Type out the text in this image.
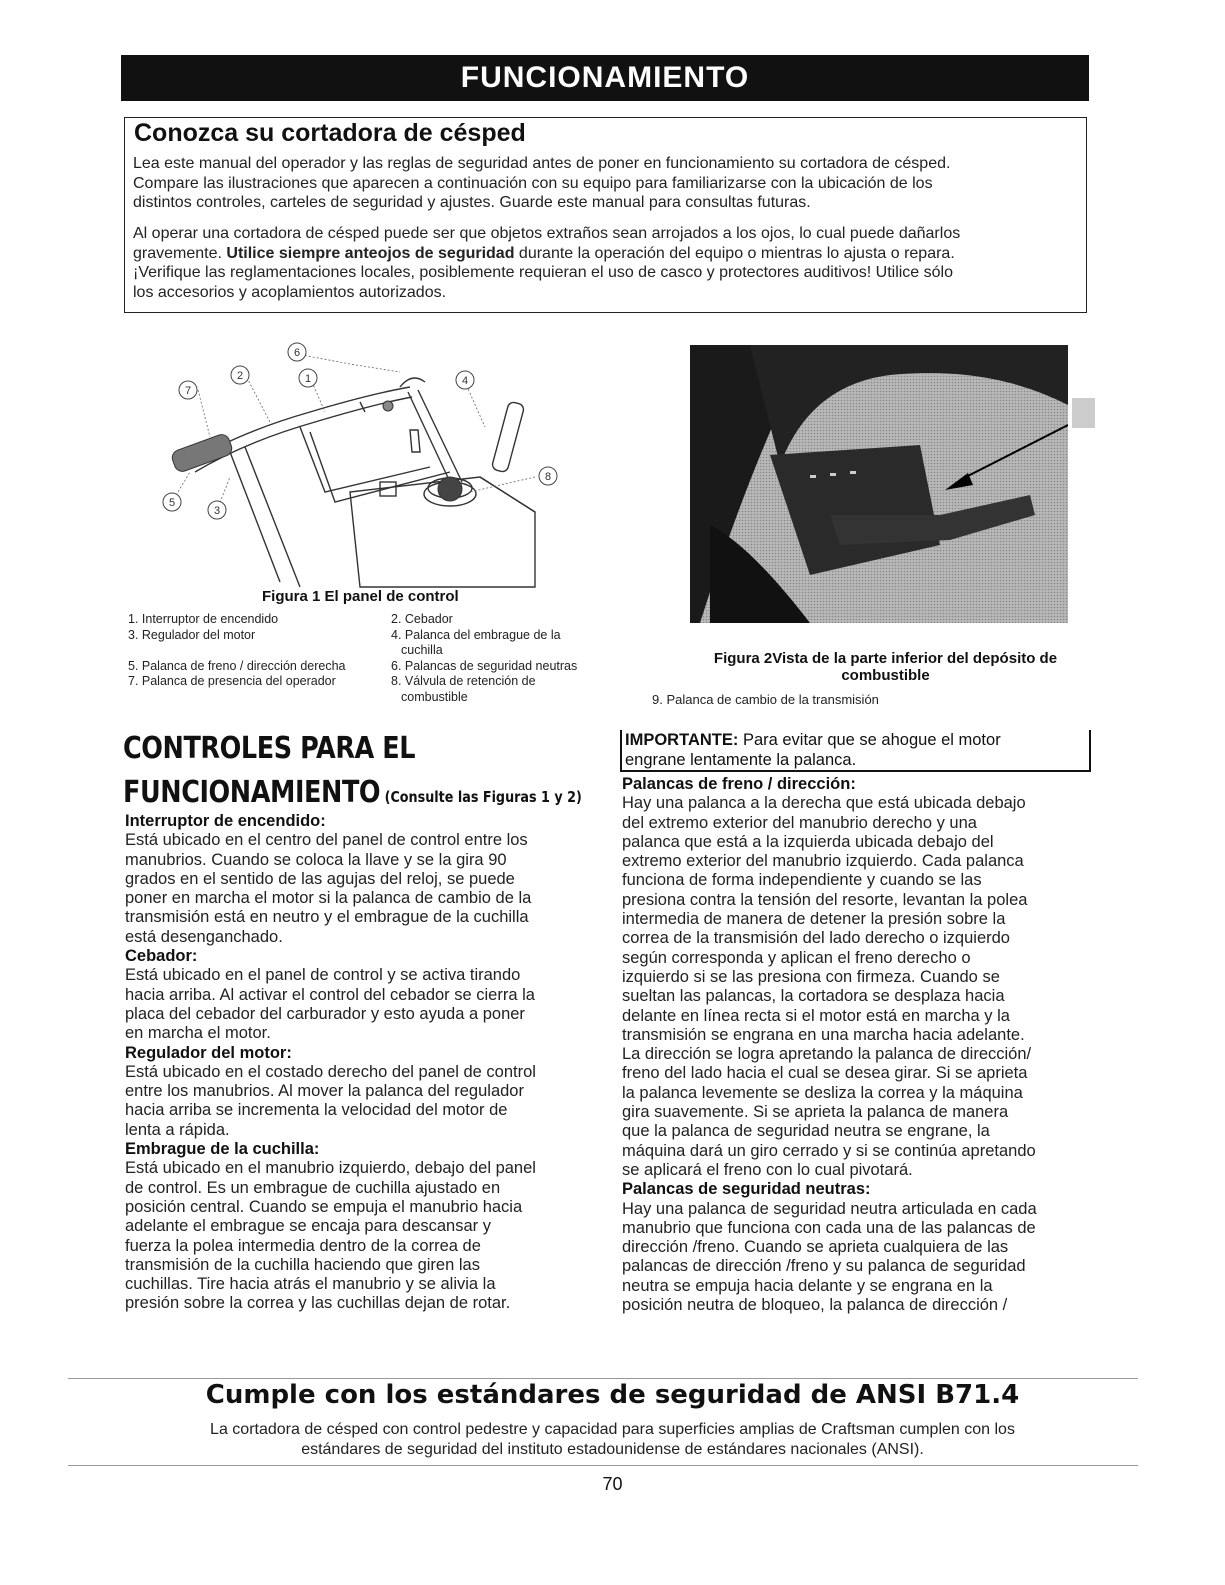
FUNCIONAMIENTO
Conozca su cortadora de césped
Lea este manual del operador y las reglas de seguridad antes de poner en funcionamiento su cortadora de césped.
Compare las ilustraciones que aparecen a continuación con su equipo para familiarizarse con la ubicación de los
distintos controles, carteles de seguridad y ajustes. Guarde este manual para consultas futuras.
Al operar una cortadora de césped puede ser que objetos extraños sean arrojados a los ojos, lo cual puede dañarlos
gravemente. Utilice siempre anteojos de seguridad durante la operación del equipo o mientras lo ajusta o repara.
¡Verifique las reglamentaciones locales, posiblemente requieran el uso de casco y protectores auditivos! Utilice sólo
los accesorios y acoplamientos autorizados.
6
2	1
7
4
8
5
3
Figura 1 El panel de control
1. Interruptor de encendido
3. Regulador del motor
5. Palanca de freno / dirección derecha
7. Palanca de presencia del operador
2. Cebador
4. Palanca del embrague de la
cuchilla
6. Palancas de seguridad neutras
8. Válvula de retención de
combustible
Figura 2Vista de la parte inferior del depósito de
combustible
9. Palanca de cambio de la transmisión
CONTROLES PARA EL
FUNCIONAMIENTO (Consulte las Figuras 1 y 2)
Interruptor de encendido:
Está ubicado en el centro del panel de control entre los
manubrios. Cuando se coloca la llave y se la gira 90
grados en el sentido de las agujas del reloj, se puede
poner en marcha el motor si la palanca de cambio de la
transmisión está en neutro y el embrague de la cuchilla
está desenganchado.
Cebador:
Está ubicado en el panel de control y se activa tirando
hacia arriba. Al activar el control del cebador se cierra la
placa del cebador del carburador y esto ayuda a poner
en marcha el motor.
Regulador del motor:
Está ubicado en el costado derecho del panel de control
entre los manubrios. Al mover la palanca del regulador
hacia arriba se incrementa la velocidad del motor de
lenta a rápida.
Embrague de la cuchilla:
Está ubicado en el manubrio izquierdo, debajo del panel
de control. Es un embrague de cuchilla ajustado en
posición central. Cuando se empuja el manubrio hacia
adelante el embrague se encaja para descansar y
fuerza la polea intermedia dentro de la correa de
transmisión de la cuchilla haciendo que giren las
cuchillas. Tire hacia atrás el manubrio y se alivia la
presión sobre la correa y las cuchillas dejan de rotar.
IMPORTANTE: Para evitar que se ahogue el motor
engrane lentamente la palanca.
Palancas de freno / dirección:
Hay una palanca a la derecha que está ubicada debajo
del extremo exterior del manubrio derecho y una
palanca que está a la izquierda ubicada debajo del
extremo exterior del manubrio izquierdo. Cada palanca
funciona de forma independiente y cuando se las
presiona contra la tensión del resorte, levantan la polea
intermedia de manera de detener la presión sobre la
correa de la transmisión del lado derecho o izquierdo
según corresponda y aplican el freno derecho o
izquierdo si se las presiona con firmeza. Cuando se
sueltan las palancas, la cortadora se desplaza hacia
delante en línea recta si el motor está en marcha y la
transmisión se engrana en una marcha hacia adelante.
La dirección se logra apretando la palanca de dirección/
freno del lado hacia el cual se desea girar. Si se aprieta
la palanca levemente se desliza la correa y la máquina
gira suavemente. Si se aprieta la palanca de manera
que la palanca de seguridad neutra se engrane, la
máquina dará un giro cerrado y si se continúa apretando
se aplicará el freno con lo cual pivotará.
Palancas de seguridad neutras:
Hay una palanca de seguridad neutra articulada en cada
manubrio que funciona con cada una de las palancas de
dirección /freno. Cuando se aprieta cualquiera de las
palancas de dirección /freno y su palanca de seguridad
neutra se empuja hacia delante y se engrana en la
posición neutra de bloqueo, la palanca de dirección /
Cumple con los estándares de seguridad de ANSI B71.4
La cortadora de césped con control pedestre y capacidad para superficies amplias de Craftsman cumplen con los
estándares de seguridad del instituto estadounidense de estándares nacionales (ANSI).
70
